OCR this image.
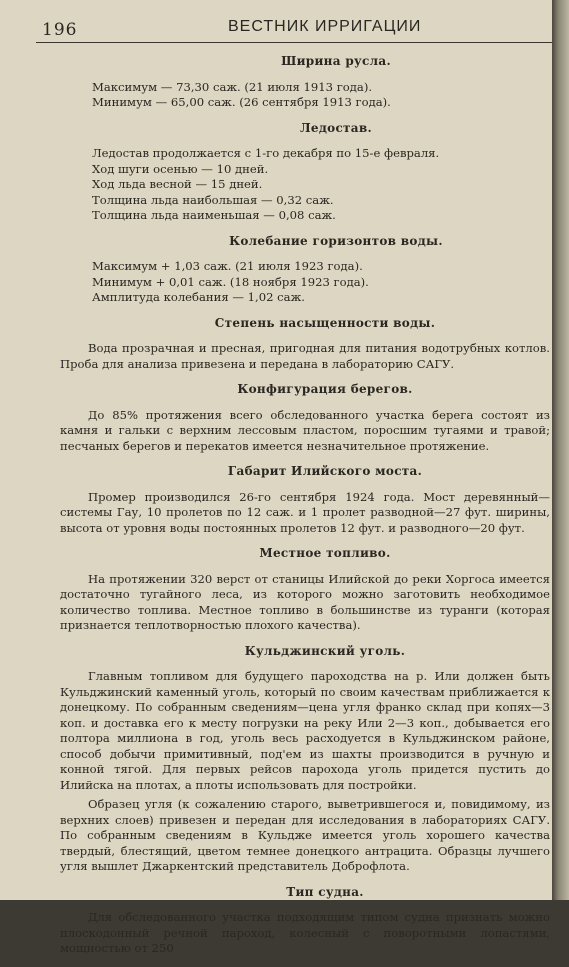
196	ВЕСТНИК ИРРИГАЦИИ
Ширина русла.
Максимум — 73,30 саж. (21 июля 1913 года).
Минимум — 65,00 саж. (26 сентября 1913 года).
Ледостав.
Ледостав продолжается с 1-го декабря по 15-е февраля.
Ход шуги осенью — 10 дней.
Ход льда весной — 15 дней.
Толщина льда наибольшая — 0,32 саж.
Толщина льда наименьшая — 0,08 саж.
Колебание горизонтов воды.
Максимум + 1,03 саж. (21 июля 1923 года).
Минимум + 0,01 саж. (18 ноября 1923 года).
Амплитуда колебания — 1,02 саж.
Степень насыщенности воды.

Вода прозрачная и пресная, пригодная для питания водотрубных котлов. Проба для анализа привезена и передана в лабораторию САГУ.

Конфигурация берегов.

До 85% протяжения всего обследованного участка берега состоят из камня и гальки с верхним лессовым пластом, поросшим тугаями и травой; песчаных берегов и перекатов имеется незначительное протяжение.

Габарит Илийского моста.

Промер производился 26-го сентября 1924 года. Мост деревянный—системы Гау, 10 пролетов по 12 саж. и 1 пролет разводной—27 фут. ширины, высота от уровня воды постоянных пролетов 12 фут. и разводного—20 фут.

Местное топливо.

На протяжении 320 верст от станицы Илийской до реки Хоргоса имеется достаточно тугайного леса, из которого можно заготовить необходимое количество топлива. Местное топливо в большинстве из туранги (которая признается теплотворностью плохого качества).

Кульджинский уголь.

Главным топливом для будущего пароходства на р. Или должен быть Кульджинский каменный уголь, который по своим качествам приближается к донецкому. По собранным сведениям—цена угля франко склад при копях—3 коп. и доставка его к месту погрузки на реку Или 2—3 коп., добывается его полтора миллиона в год, уголь весь расходуется в Кульджинском районе, способ добычи примитивный, под'ем из шахты производится в ручную и конной тягой. Для первых рейсов парохода уголь придется пустить до Илийска на плотах, а плоты использовать для постройки.

Образец угля (к сожалению старого, выветрившегося и, повидимому, из верхних слоев) привезен и передан для исследования в лабораториях САГУ. По собранным сведениям в Кульдже имеется уголь хорошего качества твердый, блестящий, цветом темнее донецкого антрацита. Образцы лучшего угля вышлет Джаркентский представитель Доброфлота.

Тип судна.

Для обследованного участка подходящим типом судна признать можно плоскодонный речной пароход, колесный с поворотными лопастями, мощностью от 250
